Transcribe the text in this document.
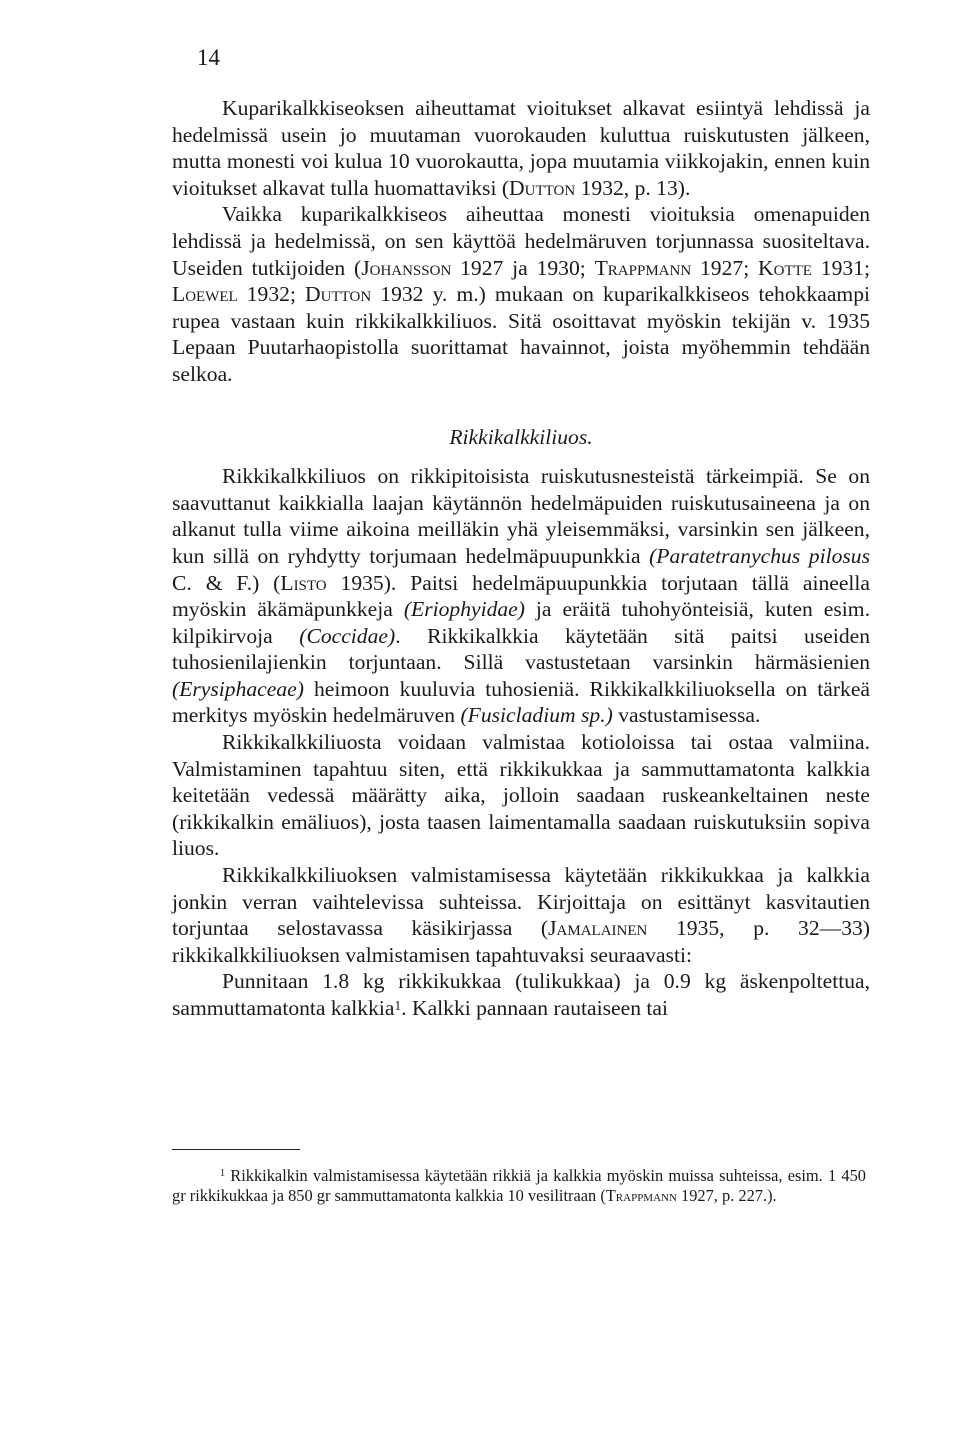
14

Kuparikalkkiseoksen aiheuttamat vioitukset alkavat esiintyä lehdissä ja hedelmissä usein jo muutaman vuorokauden kuluttua ruiskutusten jälkeen, mutta monesti voi kulua 10 vuorokautta, jopa muutamia viikkojakin, ennen kuin vioitukset alkavat tulla huomattaviksi (Dutton 1932, p. 13).

Vaikka kuparikalkkiseos aiheuttaa monesti vioituksia omenapuiden lehdissä ja hedelmissä, on sen käyttöä hedelmäruven torjunnassa suositeltava. Useiden tutkijoiden (Johansson 1927 ja 1930; Trappmann 1927; Kotte 1931; Loewel 1932; Dutton 1932 y. m.) mukaan on kuparikalkkiseos tehokkaampi rupea vastaan kuin rikkikalkkiliuos. Sitä osoittavat myöskin tekijän v. 1935 Lepaan Puutarhaopistolla suorittamat havainnot, joista myöhemmin tehdään selkoa.

Rikkikalkkiliuos.

Rikkikalkkiliuos on rikkipitoisista ruiskutusnesteistä tärkeimpiä. Se on saavuttanut kaikkialla laajan käytännön hedelmäpuiden ruiskutusaineena ja on alkanut tulla viime aikoina meilläkin yhä yleisemmäksi, varsinkin sen jälkeen, kun sillä on ryhdytty torjumaan hedelmäpuupunkkia (Paratetranychus pilosus C. & F.) (Listo 1935). Paitsi hedelmäpuupunkkia torjutaan tällä aineella myöskin äkämäpunkkeja (Eriophyidae) ja eräitä tuhohyönteisiä, kuten esim. kilpikirvoja (Coccidae). Rikkikalkkia käytetään sitä paitsi useiden tuhosienilajienkin torjuntaan. Sillä vastustetaan varsinkin härmäsienien (Erysiphaceae) heimoon kuuluvia tuhosieniä. Rikkikalkkiliuoksella on tärkeä merkitys myöskin hedelmäruven (Fusicladium sp.) vastustamisessa.

Rikkikalkkiliuosta voidaan valmistaa kotioloissa tai ostaa valmiina. Valmistaminen tapahtuu siten, että rikkikukkaa ja sammuttamatonta kalkkia keitetään vedessä määrätty aika, jolloin saadaan ruskeankeltainen neste (rikkikalkin emäliuos), josta taasen laimentamalla saadaan ruiskutuksiin sopiva liuos.

Rikkikalkkiliuoksen valmistamisessa käytetään rikkikukkaa ja kalkkia jonkin verran vaihtelevissa suhteissa. Kirjoittaja on esittänyt kasvitautien torjuntaa selostavassa käsikirjassa (Jamalainen 1935, p. 32—33) rikkikalkkiliuoksen valmistamisen tapahtuvaksi seuraavasti:

Punnitaan 1.8 kg rikkikukkaa (tulikukkaa) ja 0.9 kg äskenpoltettua, sammuttamatonta kalkkia$^1$. Kalkki pannaan rautaiseen tai

$^1$ Rikkikalkin valmistamisessa käytetään rikkiä ja kalkkia myöskin muissa suhteissa, esim. 1 450 gr rikkikukkaa ja 850 gr sammuttamatonta kalkkia 10 vesilitraan (Trappmann 1927, p. 227.).
